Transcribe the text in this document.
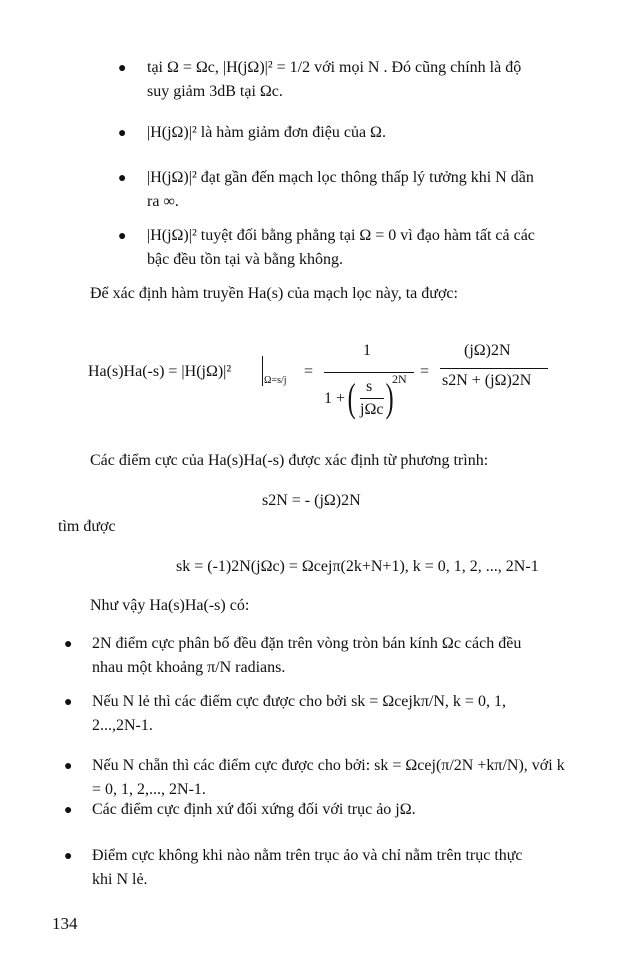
● tại Ω = Ωc, |H(jΩ)|² = 1/2 với mọi N . Đó cũng chính là độ
suy giảm 3dB tại Ωc.
● |H(jΩ)|² là hàm giảm đơn điệu của Ω.
● |H(jΩ)|² đạt gần đến mạch lọc thông thấp lý tưởng khi N dần
ra ∞.
● |H(jΩ)|² tuyệt đối bằng phẳng tại Ω = 0 vì đạo hàm tất cả các
bậc đều tồn tại và bằng không.
Để xác định hàm truyền Ha(s) của mạch lọc này, ta được:
Ha(s)Ha(-s) = |H(jΩ)|²
Ω=s/j
=
1
1 + ( s
jΩc )
2N =
(jΩ)2N
s2N + (jΩ)2N
Các điểm cực của Ha(s)Ha(-s) được xác định từ phương trình:
s2N = - (jΩ)2N
tìm được
sk = (-1)2N(jΩc) = Ωcejπ(2k+N+1), k = 0, 1, 2, ..., 2N-1
Như vậy Ha(s)Ha(-s) có:
● 2N điểm cực phân bố đều đặn trên vòng tròn bán kính Ωc cách đều
nhau một khoảng π/N radians.
● Nếu N lẻ thì các điểm cực được cho bởi sk = Ωcejkπ/N, k = 0, 1,
2...,2N-1.
● Nếu N chẵn thì các điểm cực được cho bởi: sk = Ωcej(π/2N +kπ/N), với k
= 0, 1, 2,..., 2N-1.
● Các điểm cực định xứ đối xứng đối với trục ảo jΩ.
● Điểm cực không khi nào nằm trên trục ảo và chỉ nằm trên trục thực
khi N lẻ.
134
